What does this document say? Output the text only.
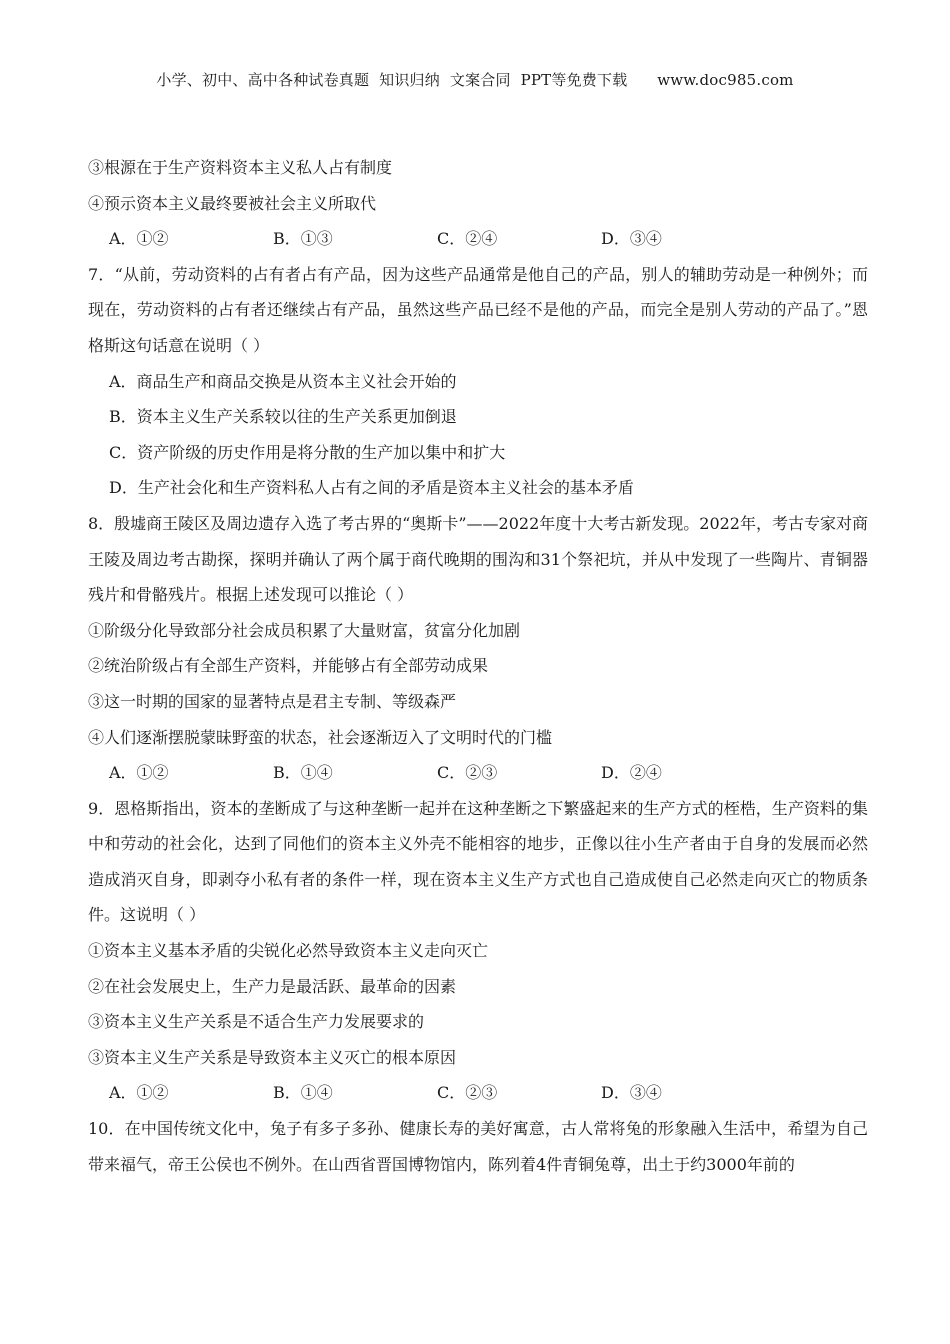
小学、初中、高中各种试卷真题  知识归纳  文案合同  PPT等免费下载      www.doc985.com
③根源在于生产资料资本主义私人占有制度
④预示资本主义最终要被社会主义所取代
A．①②	B．①③	C．②④	D．③④
7．“从前，劳动资料的占有者占有产品，因为这些产品通常是他自己的产品，别人的辅助劳动是一种例外；而现在，劳动资料的占有者还继续占有产品，虽然这些产品已经不是他的产品，而完全是别人劳动的产品了。”恩格斯这句话意在说明（ ）
A．商品生产和商品交换是从资本主义社会开始的
B．资本主义生产关系较以往的生产关系更加倒退
C．资产阶级的历史作用是将分散的生产加以集中和扩大
D．生产社会化和生产资料私人占有之间的矛盾是资本主义社会的基本矛盾
8．殷墟商王陵区及周边遗存入选了考古界的“奥斯卡”——2022年度十大考古新发现。2022年，考古专家对商王陵及周边考古勘探，探明并确认了两个属于商代晚期的围沟和31个祭祀坑，并从中发现了一些陶片、青铜器残片和骨骼残片。根据上述发现可以推论（ ）
①阶级分化导致部分社会成员积累了大量财富，贫富分化加剧
②统治阶级占有全部生产资料，并能够占有全部劳动成果
③这一时期的国家的显著特点是君主专制、等级森严
④人们逐渐摆脱蒙昧野蛮的状态，社会逐渐迈入了文明时代的门槛
A．①②	B．①④	C．②③	D．②④
9．恩格斯指出，资本的垄断成了与这种垄断一起并在这种垄断之下繁盛起来的生产方式的桎梏，生产资料的集中和劳动的社会化，达到了同他们的资本主义外壳不能相容的地步，正像以往小生产者由于自身的发展而必然造成消灭自身，即剥夺小私有者的条件一样，现在资本主义生产方式也自己造成使自己必然走向灭亡的物质条件。这说明（ ）
①资本主义基本矛盾的尖锐化必然导致资本主义走向灭亡
②在社会发展史上，生产力是最活跃、最革命的因素
③资本主义生产关系是不适合生产力发展要求的
③资本主义生产关系是导致资本主义灭亡的根本原因
A．①②	B．①④	C．②③	D．③④
10．在中国传统文化中，兔子有多子多孙、健康长寿的美好寓意，古人常将兔的形象融入生活中，希望为自己带来福气，帝王公侯也不例外。在山西省晋国博物馆内，陈列着4件青铜兔尊，出土于约3000年前的
